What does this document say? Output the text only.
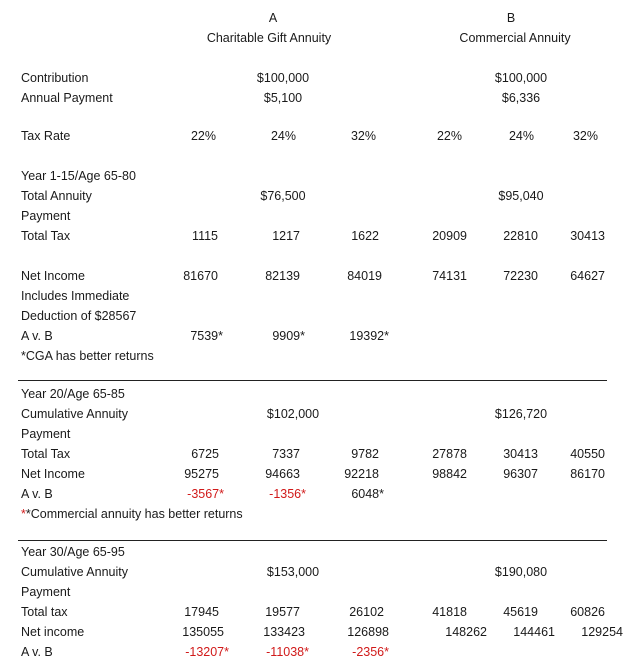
A
Charitable Gift Annuity
B
Commercial Annuity
Contribution	$100,000	$100,000
Annual Payment	$5,100	$6,336
Tax Rate	22%	24%	32%	22%	24%	32%
Year 1-15/Age 65-80
Total Annuity	$76,500	$95,040
Payment
Total Tax	1115	1217	1622	20909	22810	30413
Net Income	81670	82139	84019	74131	72230	64627
Includes Immediate
Deduction of $28567
A v. B	7539*	9909*	19392*
*CGA has better returns
Year 20/Age 65-85
Cumulative Annuity	$102,000	$126,720
Payment
Total Tax	6725	7337	9782	27878	30413	40550
Net Income	95275	94663	92218	98842	96307	86170
A v. B	-3567*	-1356*	6048*
**Commercial annuity has better returns
Year 30/Age 65-95
Cumulative Annuity	$153,000	$190,080
Payment
Total tax	17945	19577	26102	41818	45619	60826
Net income	135055	133423	126898	148262 144461 129254
A v. B	-13207*	-11038*	-2356*
